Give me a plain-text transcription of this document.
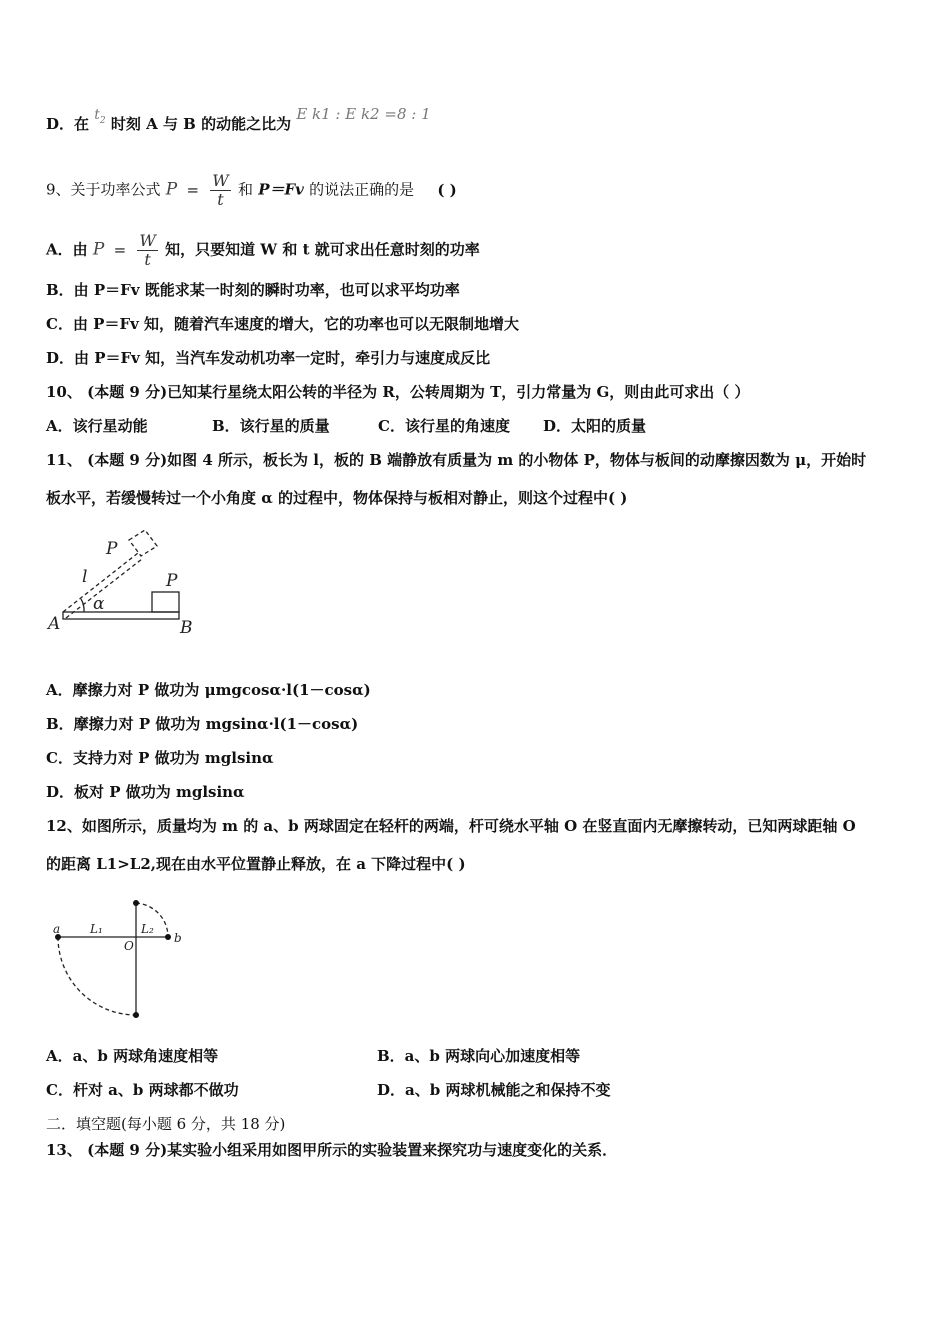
D．在 $t_2$ 时刻 A 与 B 的动能之比为 E k1 : E k2 =8 : 1
9、关于功率公式 $P = \frac{W}{t}$ 和 P＝Fv 的说法正确的是 ( )
A．由 $P = \frac{W}{t}$ 知，只要知道 W 和 t 就可求出任意时刻的功率
B．由 P＝Fv 既能求某一时刻的瞬时功率，也可以求平均功率
C．由 P＝Fv 知，随着汽车速度的增大，它的功率也可以无限制地增大
D．由 P＝Fv 知，当汽车发动机功率一定时，牵引力与速度成反比
10、 (本题 9 分)已知某行星绕太阳公转的半径为 R，公转周期为 T，引力常量为 G，则由此可求出（ ）
A．该行星动能	B．该行星的质量	C．该行星的角速度 D．太阳的质量
11、 (本题 9 分)如图 4 所示，板长为 l，板的 B 端静放有质量为 m 的小物体 P，物体与板间的动摩擦因数为 μ，开始时
板水平，若缓慢转过一个小角度 α 的过程中，物体保持与板相对静止，则这个过程中( )
P
P
l
α
A	B
A．摩擦力对 P 做功为 μmgcosα·l(1－cosα)
B．摩擦力对 P 做功为 mgsinα·l(1－cosα)
C．支持力对 P 做功为 mglsinα
D．板对 P 做功为 mglsinα
12、如图所示，质量均为 m 的 a、b 两球固定在轻杆的两端，杆可绕水平轴 O 在竖直面内无摩擦转动，已知两球距轴 O
的距离 L1>L2,现在由水平位置静止释放，在 a 下降过程中( )
a
b
O
L₁	L₂
A．a、b 两球角速度相等	B．a、b 两球向心加速度相等
C．杆对 a、b 两球都不做功	D．a、b 两球机械能之和保持不变
二．填空题(每小题 6 分，共 18 分)
13、 (本题 9 分)某实验小组采用如图甲所示的实验装置来探究功与速度变化的关系．
